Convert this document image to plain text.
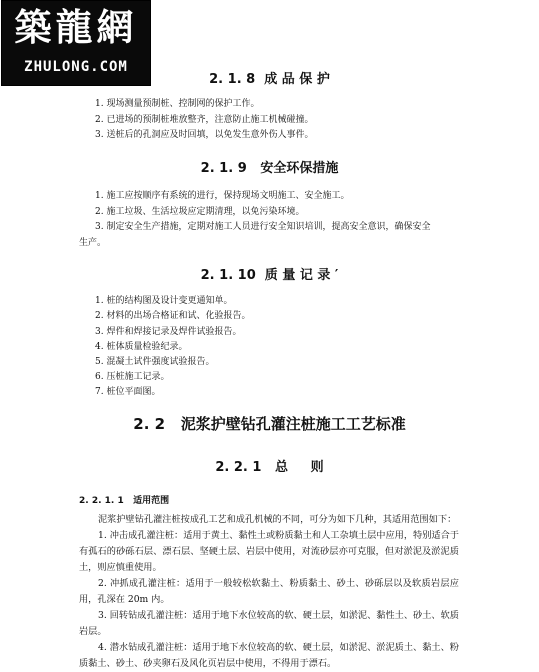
築龍網
ZHULONG.COM
2. 1. 8  成 品 保 护
1. 现场测量预制桩、控制网的保护工作。
2. 已进场的预制桩堆放整齐，注意防止施工机械碰撞。
3. 送桩后的孔洞应及时回填，以免发生意外伤人事件。
2. 1. 9   安全环保措施
1. 施工应按顺序有系统的进行，保持现场文明施工、安全施工。
2. 施工垃圾、生活垃圾应定期清理，以免污染环境。
3. 制定安全生产措施，定期对施工人员进行安全知识培训，提高安全意识，确保安全
生产。
2. 1. 10  质 量 记 录 ′
1. 桩的结构图及设计变更通知单。
2. 材料的出场合格证和试、化验报告。
3. 焊件和焊接记录及焊件试验报告。
4. 桩体质量检验纪录。
5. 混凝土试件强度试验报告。
6. 压桩施工记录。
7. 桩位平面图。
2. 2   泥浆护壁钻孔灌注桩施工工艺标准
2. 2. 1   总     则
2. 2. 1. 1   适用范围

泥浆护壁钻孔灌注桩按成孔工艺和成孔机械的不同，可分为如下几种，其适用范围如下：

1. 冲击成孔灌注桩：适用于黄土、黏性土或粉质黏土和人工杂填土层中应用，特别适合于有孤石的砂砾石层、漂石层、坚硬土层、岩层中使用，对流砂层亦可克服，但对淤泥及淤泥质土，则应慎重使用。

2. 冲抓成孔灌注桩：适用于一般较松软黏土、粉质黏土、砂土、砂砾层以及软质岩层应用，孔深在 20m 内。

3. 回转钻成孔灌注桩：适用于地下水位较高的软、硬土层，如淤泥、黏性土、砂土、软质岩层。

4. 潜水钻成孔灌注桩：适用于地下水位较高的软、硬土层，如淤泥、淤泥质土、黏土、粉质黏土、砂土、砂夹卵石及风化页岩层中使用，不得用于漂石。
